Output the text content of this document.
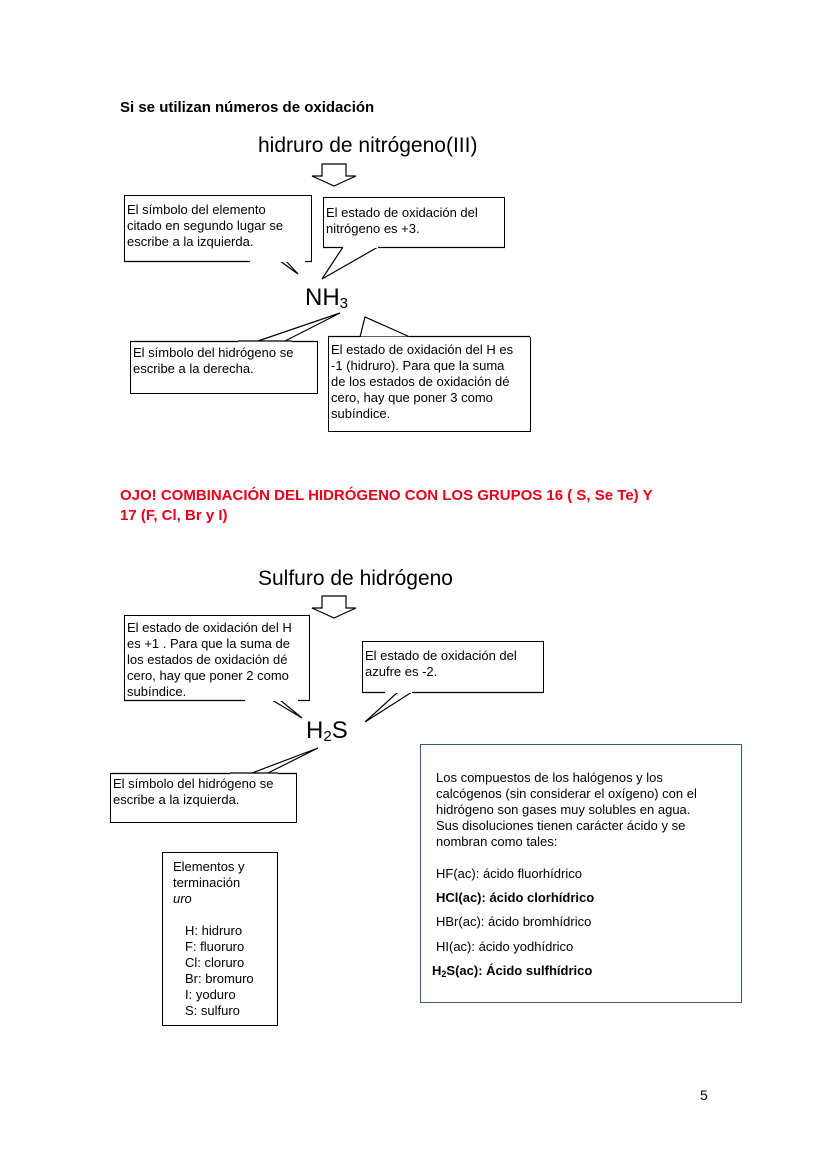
Si se utilizan números de oxidación
hidruro de nitrógeno(III)
$NH_3$
El símbolo del elemento
citado en segundo lugar se
escribe a la izquierda.
El estado de oxidación del
nitrógeno es +3.
El símbolo del hidrógeno se
escribe a la derecha.
El estado de oxidación del H es
-1 (hidruro). Para que la suma
de los estados de oxidación dé
cero, hay que poner 3 como
subíndice.
OJO! COMBINACIÓN DEL HIDRÓGENO CON LOS GRUPOS 16 ( S, Se Te) Y
17 (F, Cl, Br y I)
Sulfuro de hidrógeno
$H_2S$
El estado de oxidación del H
es +1 . Para que la suma de
los estados de oxidación dé
cero, hay que poner 2 como
subíndice.
El estado de oxidación del
azufre es -2.
El símbolo del hidrógeno se
escribe a la izquierda.
Elementos y
terminación
uro
H: hidruro
F: fluoruro
Cl: cloruro
Br: bromuro
I: yoduro
S: sulfuro
Los compuestos de los halógenos y los
calcógenos (sin considerar el oxígeno) con el
hidrógeno son gases muy solubles en agua.
Sus disoluciones tienen carácter ácido y se
nombran como tales:
HF(ac): ácido fluorhídrico
HCl(ac): ácido clorhídrico
HBr(ac): ácido bromhídrico
HI(ac): ácido yodhídrico
$H_2S(ac)$: Ácido sulfhídrico
5
